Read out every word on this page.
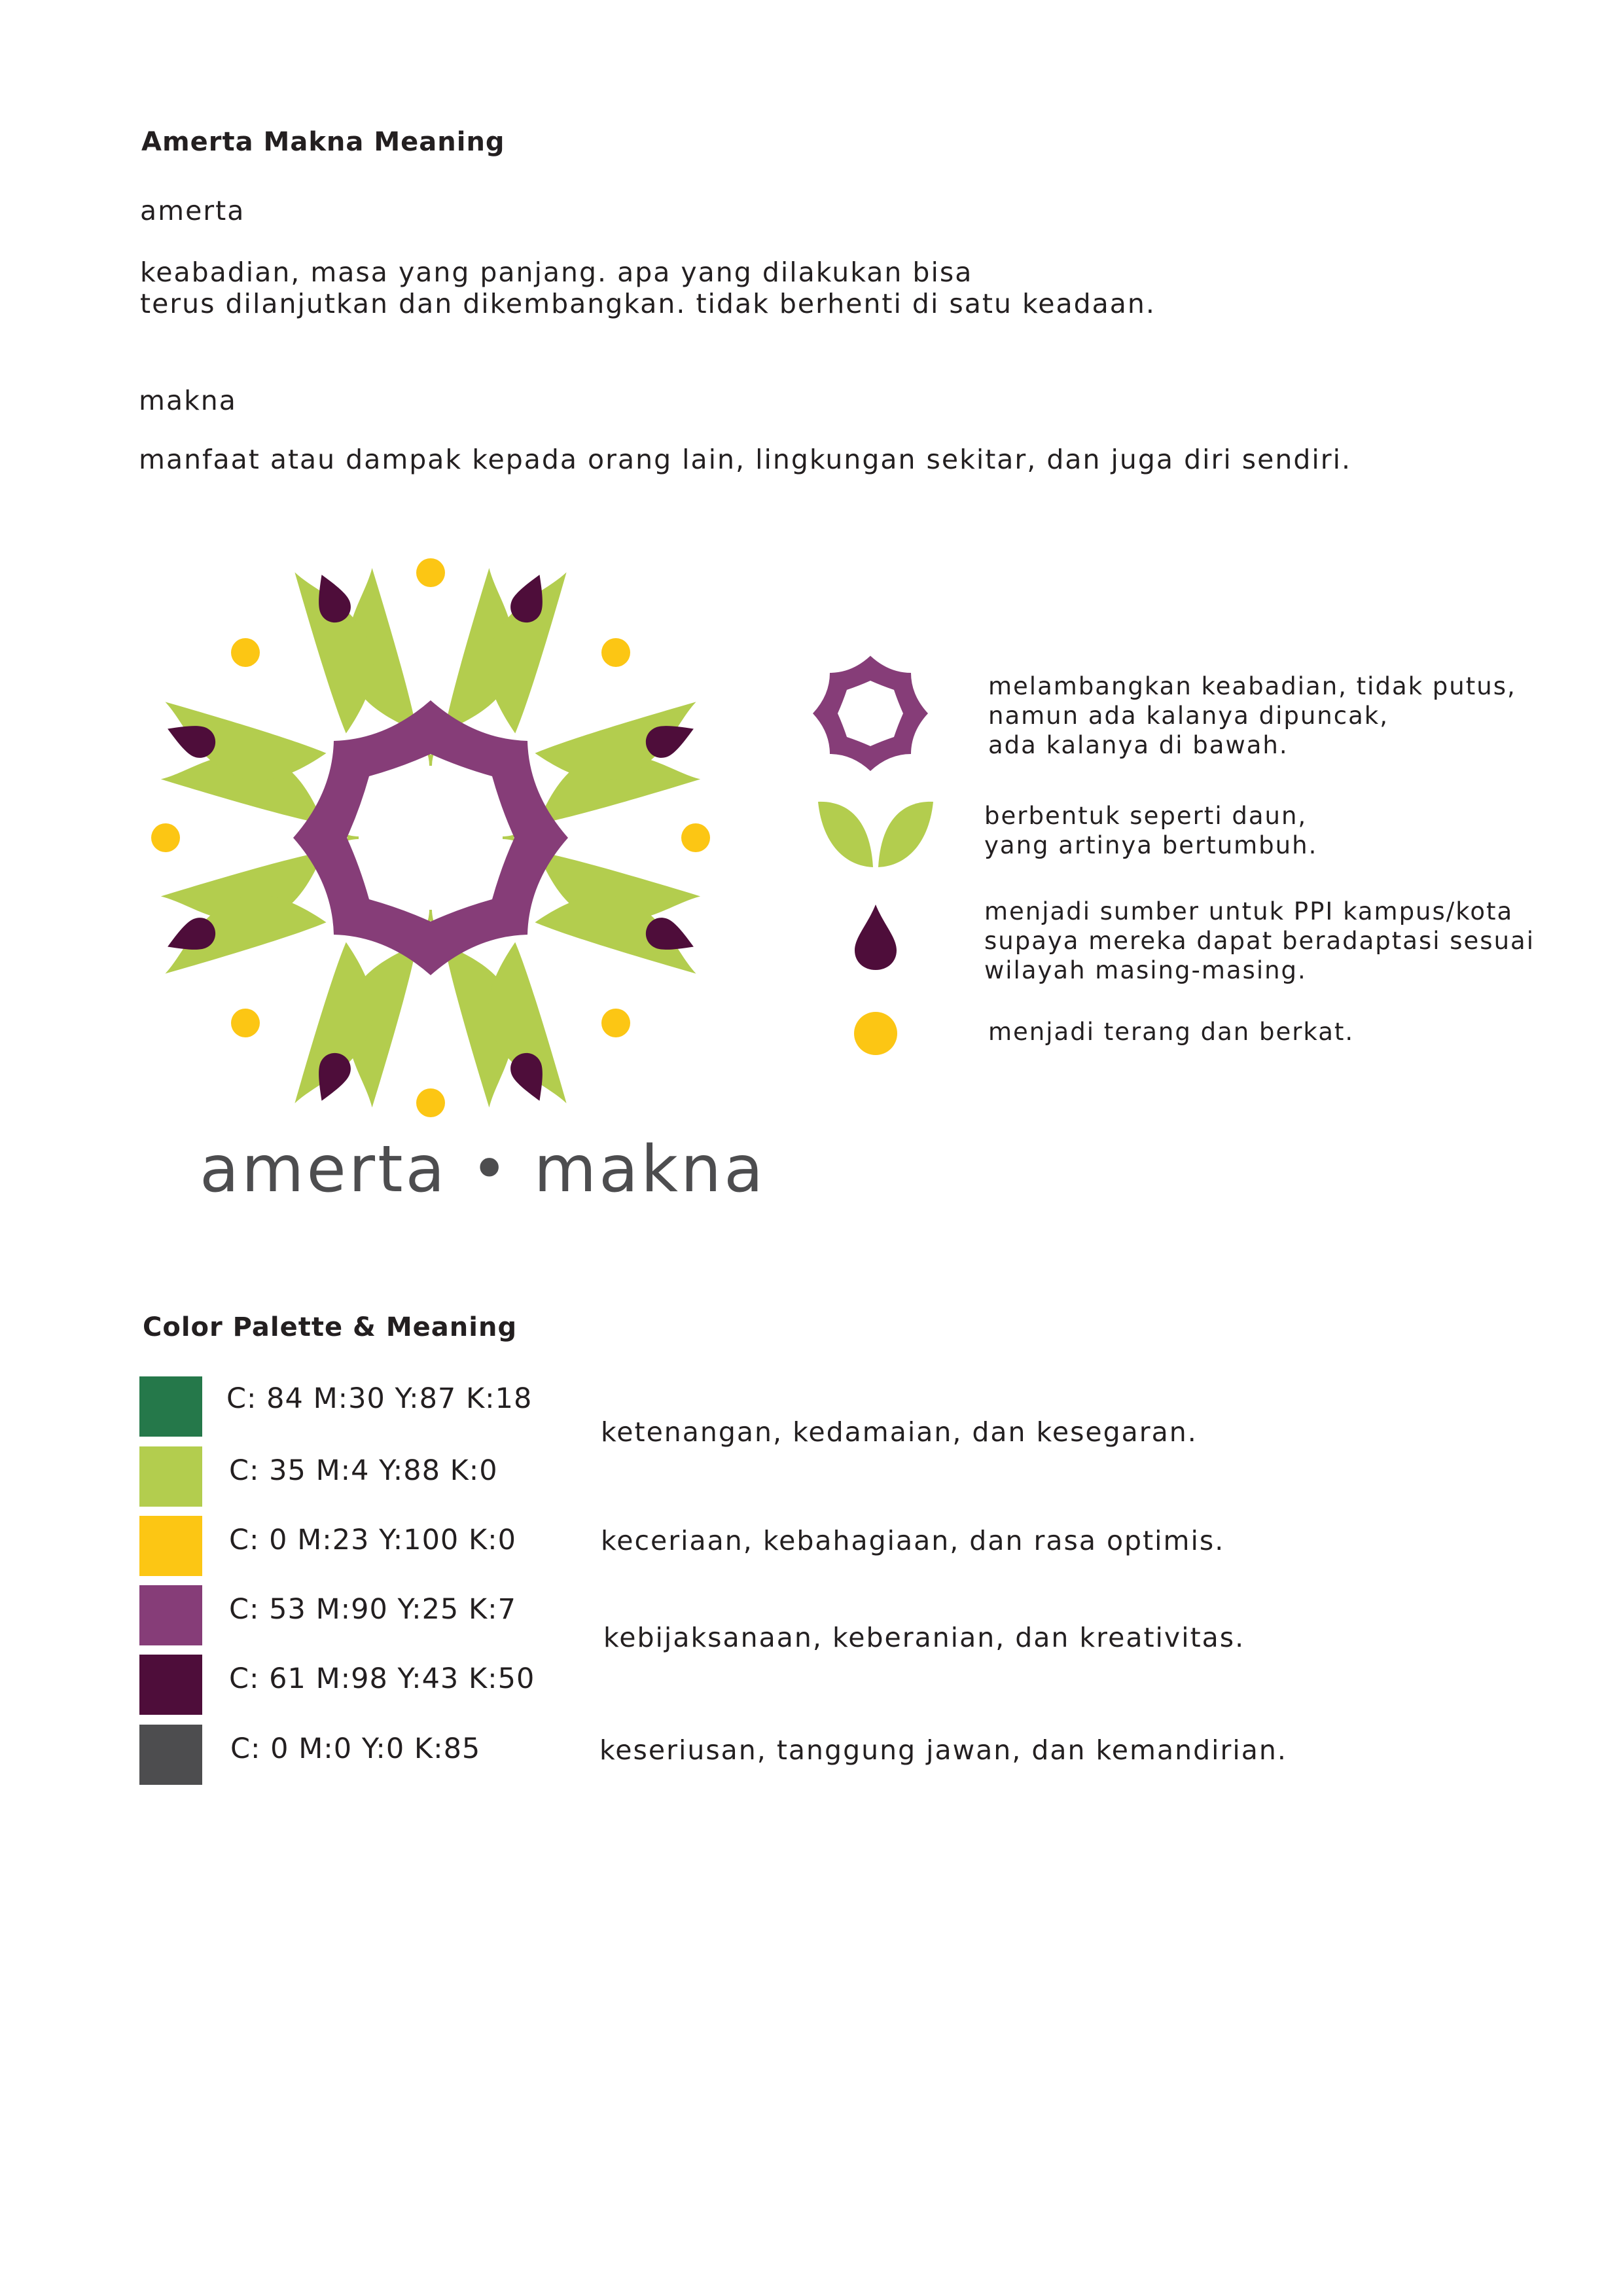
Amerta Makna Meaning

amerta

keabadian, masa yang panjang. apa yang dilakukan bisa
terus dilanjutkan dan dikembangkan. tidak berhenti di satu keadaan.

makna

manfaat atau dampak kepada orang lain, lingkungan sekitar, dan juga diri sendiri.

amerta • makna

melambangkan keabadian, tidak putus,
namun ada kalanya dipuncak,
ada kalanya di bawah.

berbentuk seperti daun,
yang artinya bertumbuh.

menjadi sumber untuk PPI kampus/kota
supaya mereka dapat beradaptasi sesuai
wilayah masing-masing.

menjadi terang dan berkat.

Color Palette & Meaning

C: 84 M:30 Y:87 K:18

C: 35 M:4 Y:88 K:0

C: 0 M:23 Y:100 K:0

C: 53 M:90 Y:25 K:7

C: 61 M:98 Y:43 K:50

C: 0 M:0 Y:0 K:85

ketenangan, kedamaian, dan kesegaran.

keceriaan, kebahagiaan, dan rasa optimis.

kebijaksanaan, keberanian, dan kreativitas.

keseriusan, tanggung jawan, dan kemandirian.
